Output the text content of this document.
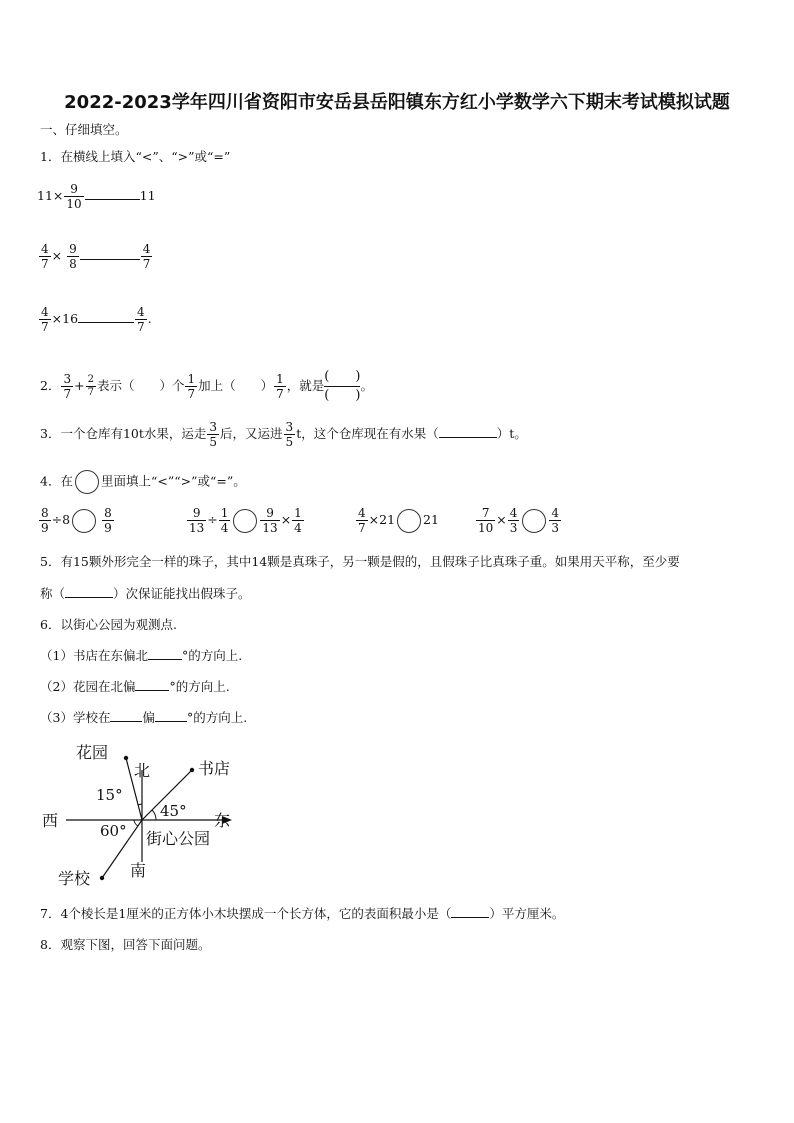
2022-2023学年四川省资阳市安岳县岳阳镇东方红小学数学六下期末考试模拟试题
一、仔细填空。
1．在横线上填入“<”、“>”或“=”
$11\times \frac{9}{10}$	11
$\frac{4}{7} \times \frac{9}{8}$	$\frac{4}{7}$
$\frac{4}{7} \times 16$	$\frac{4}{7}$ .
2． $\frac{3}{7} + \frac{2}{7}$ 表示（　　）个 $\frac{1}{7}$ 加上（　　） $\frac{1}{7}$ ，就是
(　　)
(　　)
。
3．一个仓库有10t水果，运走 $\frac{3}{5}$ 后，又运进 $\frac{3}{5}$ t，这个仓库现在有水果（	）t。
4．在 里面填上“<”“>”或“=”。
$\frac{8}{9} \div 8$	$\frac{8}{9}$	$\frac{9}{13} \div \frac{1}{4}$	$\frac{9}{13} \times \frac{1}{4}$	$\frac{4}{7} \times 21$ 21	$\frac{7}{10} \times \frac{4}{3}$	$\frac{4}{3}$
5．有15颗外形完全一样的珠子，其中14颗是真珠子，另一颗是假的，且假珠子比真珠子重。如果用天平称，至少要
称（	）次保证能找出假珠子。
6．以街心公园为观测点.
（1）书店在东偏北	°的方向上.
（2）花园在北偏	°的方向上.
（3）学校在	偏	°的方向上.
花园
北	书店
15°
45°
西	东
60° 街心公园
南
学校
7．4个棱长是1厘米的正方体小木块摆成一个长方体，它的表面积最小是（	）平方厘米。
8．观察下图，回答下面问题。
